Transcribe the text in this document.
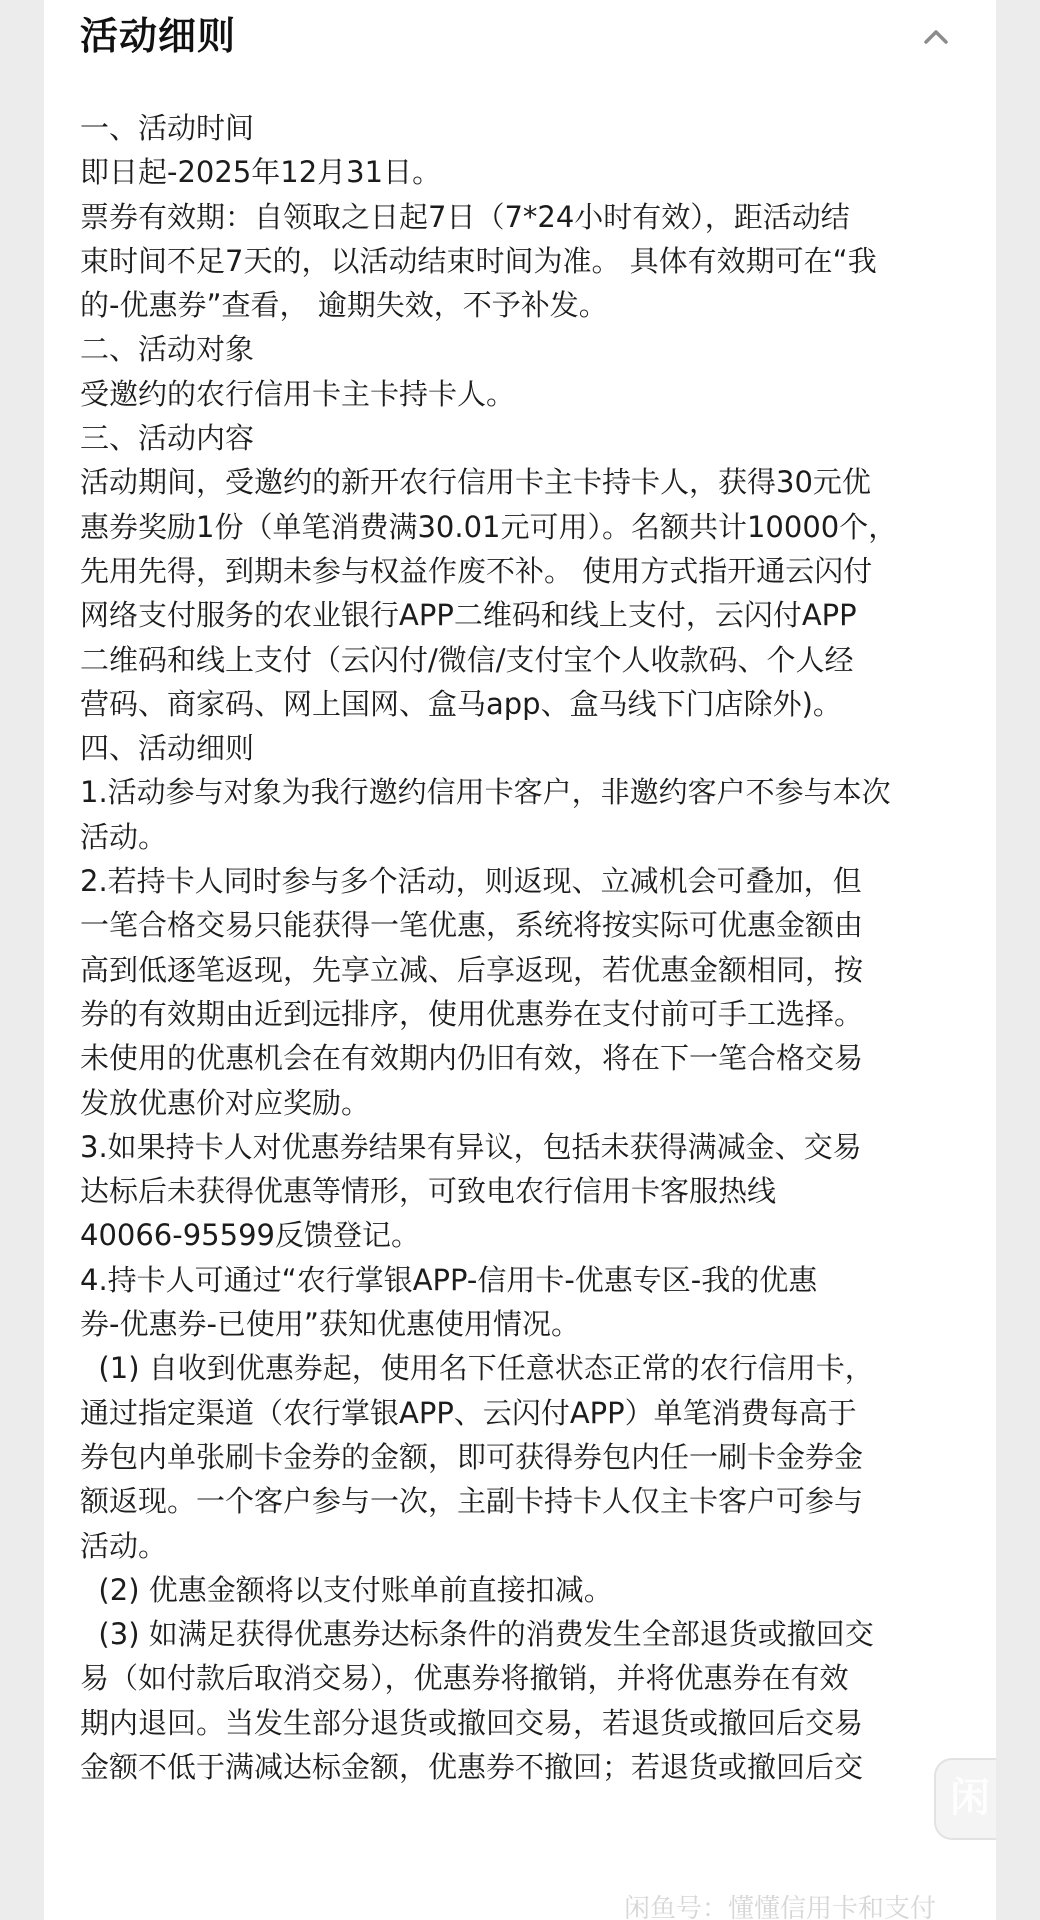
活动细则
一、活动时间
即日起-2025年12月31日。
票券有效期：自领取之日起7日（7*24小时有效），距活动结
束时间不足7天的，以活动结束时间为准。 具体有效期可在“我
的-优惠券”查看， 逾期失效，不予补发。
二、活动对象
受邀约的农行信用卡主卡持卡人。
三、活动内容
活动期间，受邀约的新开农行信用卡主卡持卡人，获得30元优
惠券奖励1份（单笔消费满30.01元可用）。名额共计10000个，
先用先得，到期未参与权益作废不补。 使用方式指开通云闪付
网络支付服务的农业银行APP二维码和线上支付，云闪付APP
二维码和线上支付（云闪付/微信/支付宝个人收款码、个人经
营码、商家码、网上国网、盒马app、盒马线下门店除外)。
四、活动细则
1.活动参与对象为我行邀约信用卡客户，非邀约客户不参与本次
活动。
2.若持卡人同时参与多个活动，则返现、立减机会可叠加，但
一笔合格交易只能获得一笔优惠，系统将按实际可优惠金额由
高到低逐笔返现，先享立减、后享返现，若优惠金额相同，按
券的有效期由近到远排序，使用优惠券在支付前可手工选择。
未使用的优惠机会在有效期内仍旧有效，将在下一笔合格交易
发放优惠价对应奖励。
3.如果持卡人对优惠券结果有异议，包括未获得满减金、交易
达标后未获得优惠等情形，可致电农行信用卡客服热线
40066-95599反馈登记。
4.持卡人可通过“农行掌银APP-信用卡-优惠专区-我的优惠
券-优惠券-已使用”获知优惠使用情况。
(1) 自收到优惠券起，使用名下任意状态正常的农行信用卡，
通过指定渠道（农行掌银APP、云闪付APP）单笔消费每高于
券包内单张刷卡金券的金额，即可获得券包内任一刷卡金券金
额返现。一个客户参与一次，主副卡持卡人仅主卡客户可参与
活动。
(2) 优惠金额将以支付账单前直接扣减。
(3) 如满足获得优惠券达标条件的消费发生全部退货或撤回交
易（如付款后取消交易），优惠券将撤销，并将优惠券在有效
期内退回。当发生部分退货或撤回交易，若退货或撤回后交易
金额不低于满减达标金额，优惠券不撤回；若退货或撤回后交
闲
闲鱼号：懂懂信用卡和支付
